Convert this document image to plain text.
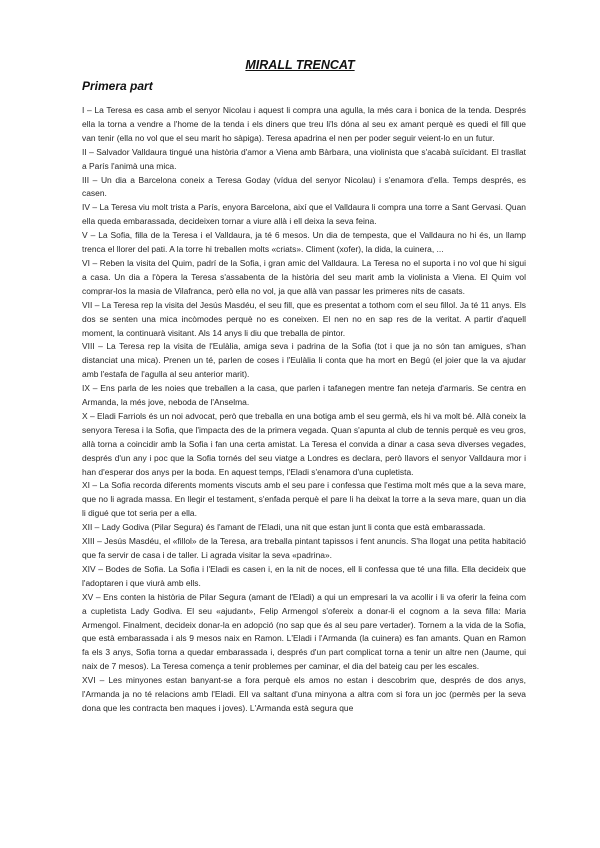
MIRALL TRENCAT
Primera part

I – La Teresa es casa amb el senyor Nicolau i aquest li compra una agulla, la més cara i bonica de la tenda. Després ella la torna a vendre a l'home de la tenda i els diners que treu li'ls dóna al seu ex amant perquè es quedi el fill que van tenir (ella no vol que el seu marit ho sàpiga). Teresa apadrina el nen per poder seguir veient-lo en un futur.

II – Salvador Valldaura tingué una història d'amor a Viena amb Bàrbara, una violinista que s'acabà suïcidant. El trasllat a París l'animà una mica.

III – Un dia a Barcelona coneix a Teresa Goday (vídua del senyor Nicolau) i s'enamora d'ella. Temps després, es casen.

IV – La Teresa viu molt trista a París, enyora Barcelona, així que el Valldaura li compra una torre a Sant Gervasi. Quan ella queda embarassada, decideixen tornar a viure allà i ell deixa la seva feina.

V – La Sofia, filla de la Teresa i el Valldaura, ja té 6 mesos. Un dia de tempesta, que el Valldaura no hi és, un llamp trenca el llorer del pati. A la torre hi treballen molts «criats». Climent (xofer), la dida, la cuinera, ...

VI – Reben la visita del Quim, padrí de la Sofia, i gran amic del Valldaura. La Teresa no el suporta i no vol que hi sigui a casa. Un dia a l'òpera la Teresa s'assabenta de la història del seu marit amb la violinista a Viena. El Quim vol comprar-los la masia de Vilafranca, però ella no vol, ja que allà van passar les primeres nits de casats.

VII – La Teresa rep la visita del Jesús Masdéu, el seu fill, que es presentat a tothom com el seu fillol. Ja té 11 anys. Els dos se senten una mica incòmodes perquè no es coneixen. El nen no en sap res de la veritat. A partir d'aquell moment, la continuarà visitant. Als 14 anys li diu que treballa de pintor.

VIII – La Teresa rep la visita de l'Eulàlia, amiga seva i padrina de la Sofia (tot i que ja no són tan amigues, s'han distanciat una mica). Prenen un té, parlen de coses i l'Eulàlia li conta que ha mort en Begú (el joier que la va ajudar amb l'estafa de l'agulla al seu anterior marit).

IX – Ens parla de les noies que treballen a la casa, que parlen i tafanegen mentre fan neteja d'armaris. Se centra en Armanda, la més jove, neboda de l'Anselma.

X – Eladi Farriols és un noi advocat, però que treballa en una botiga amb el seu germà, els hi va molt bé. Allà coneix la senyora Teresa i la Sofia, que l'impacta des de la primera vegada. Quan s'apunta al club de tennis perquè es veu gros, allà torna a coincidir amb la Sofia i fan una certa amistat. La Teresa el convida a dinar a casa seva diverses vegades, després d'un any i poc que la Sofia tornés del seu viatge a Londres es declara, però llavors el senyor Valldaura mor i han d'esperar dos anys per la boda. En aquest temps, l'Eladi s'enamora d'una cupletista.

XI – La Sofia recorda diferents moments viscuts amb el seu pare i confessa que l'estima molt més que a la seva mare, que no li agrada massa. En llegir el testament, s'enfada perquè el pare li ha deixat la torre a la seva mare, quan un dia li digué que tot seria per a ella.

XII – Lady Godiva (Pilar Segura) és l'amant de l'Eladi, una nit que estan junt li conta que està embarassada.

XIII – Jesús Masdéu, el «fillol» de la Teresa, ara treballa pintant tapissos i fent anuncis. S'ha llogat una petita habitació que fa servir de casa i de taller. Li agrada visitar la seva «padrina».

XIV – Bodes de Sofia. La Sofia i l'Eladi es casen i, en la nit de noces, ell li confessa que té una filla. Ella decideix que l'adoptaren i que viurà amb ells.

XV – Ens conten la història de Pilar Segura (amant de l'Eladi) a qui un empresari la va acollir i li va oferir la feina com a cupletista Lady Godiva. El seu «ajudant», Felip Armengol s'ofereix a donar-li el cognom a la seva filla: Maria Armengol. Finalment, decideix donar-la en adopció (no sap que és al seu pare vertader). Tornem a la vida de la Sofia, que està embarassada i als 9 mesos naix en Ramon. L'Eladi i l'Armanda (la cuinera) es fan amants. Quan en Ramon fa els 3 anys, Sofia torna a quedar embarassada i, després d'un part complicat torna a tenir un altre nen (Jaume, qui naix de 7 mesos). La Teresa comença a tenir problemes per caminar, el dia del bateig cau per les escales.

XVI – Les minyones estan banyant-se a fora perquè els amos no estan i descobrim que, després de dos anys, l'Armanda ja no té relacions amb l'Eladi. Ell va saltant d'una minyona a altra com si fora un joc (permès per la seva dona que les contracta ben maques i joves). L'Armanda està segura que
